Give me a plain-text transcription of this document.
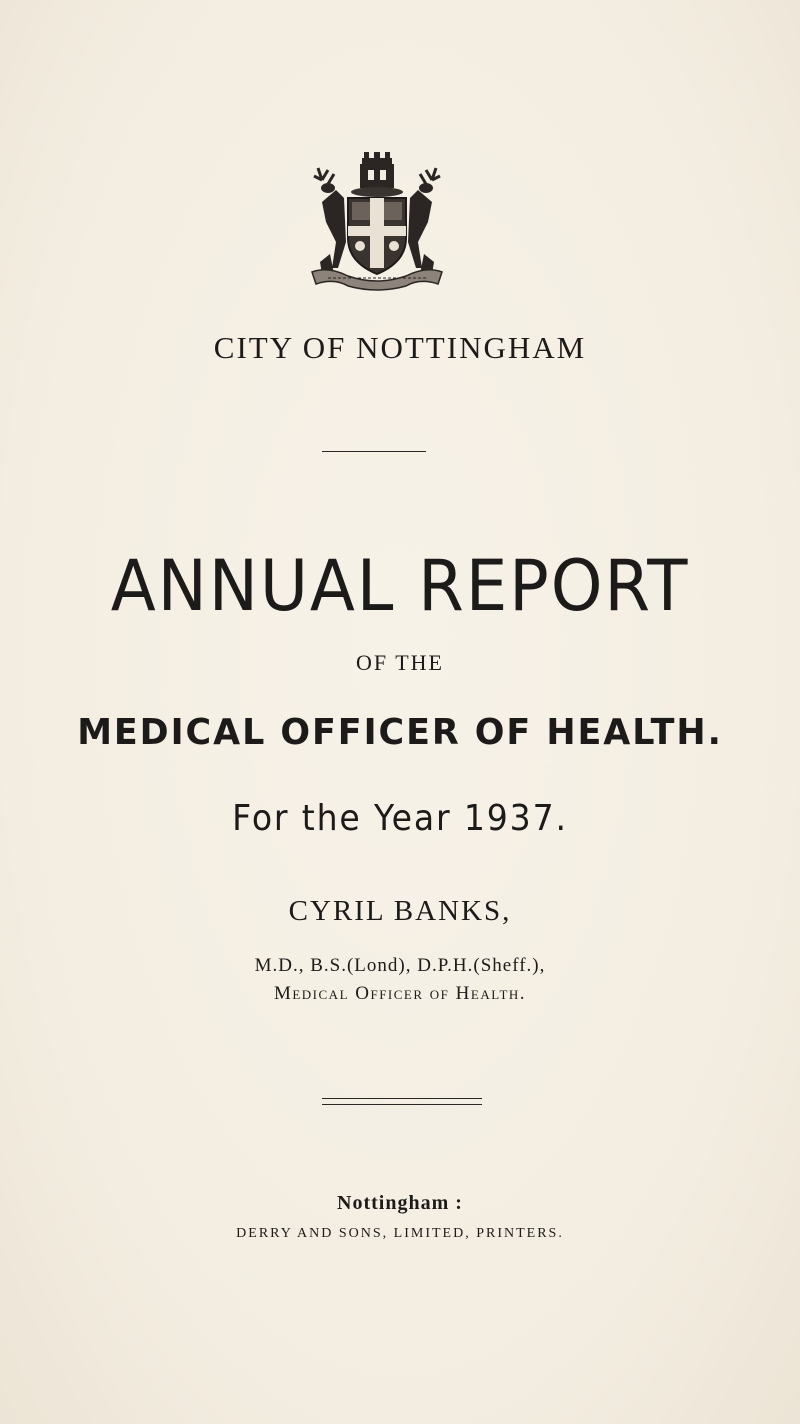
CITY OF NOTTINGHAM
ANNUAL REPORT
OF THE
MEDICAL OFFICER OF HEALTH.
For the Year 1937.
CYRIL BANKS,
M.D., B.S.(Lond), D.P.H.(Sheff.),
Medical Officer of Health.
Nottingham :
DERRY AND SONS, LIMITED, PRINTERS.
